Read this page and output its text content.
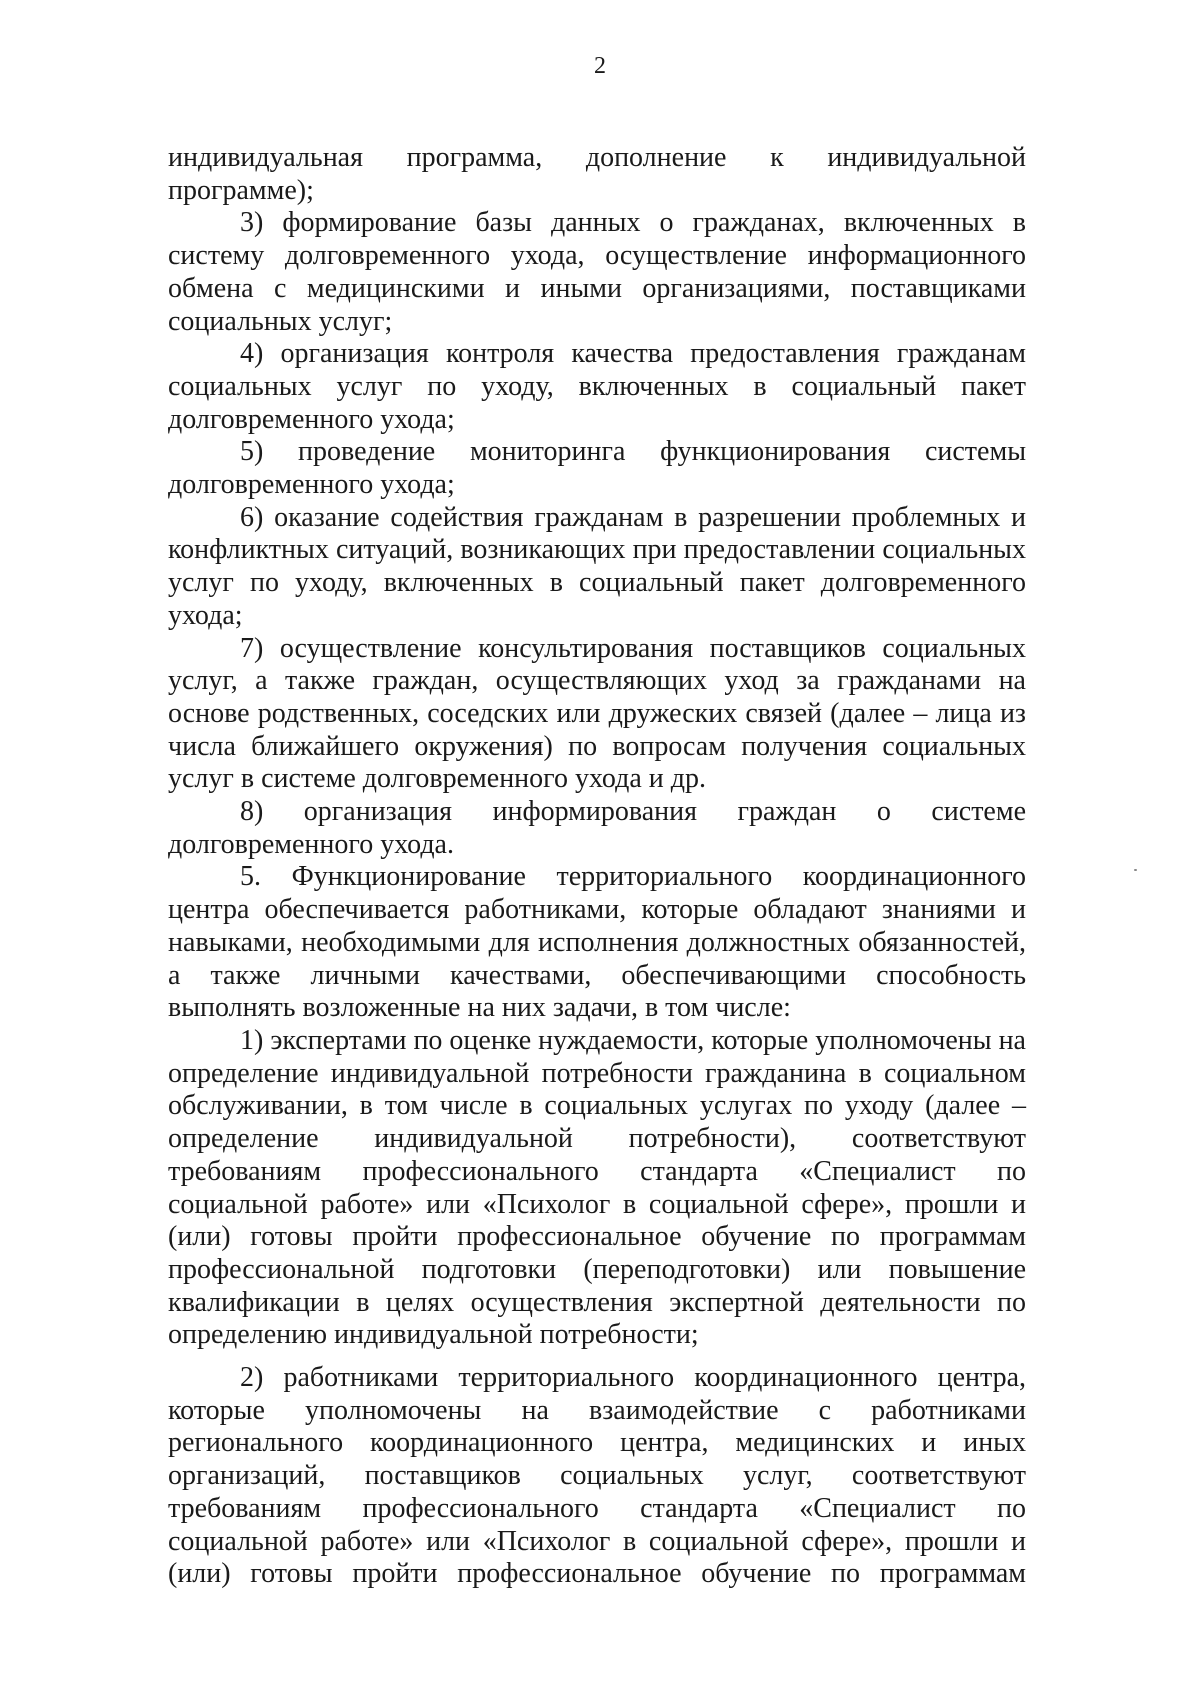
2

индивидуальная программа, дополнение к индивидуальной программе);

3) формирование базы данных о гражданах, включенных в систему долговременного ухода, осуществление информационного обмена с медицинскими и иными организациями, поставщиками социальных услуг;

4) организация контроля качества предоставления гражданам социальных услуг по уходу, включенных в социальный пакет долговременного ухода;

5) проведение мониторинга функционирования системы долговременного ухода;

6) оказание содействия гражданам в разрешении проблемных и конфликтных ситуаций, возникающих при предоставлении социальных услуг по уходу, включенных в социальный пакет долговременного ухода;

7) осуществление консультирования поставщиков социальных услуг, а также граждан, осуществляющих уход за гражданами на основе родственных, соседских или дружеских связей (далее – лица из числа ближайшего окружения) по вопросам получения социальных услуг в системе долговременного ухода и др.

8) организация информирования граждан о системе долговременного ухода.

5. Функционирование территориального координационного центра обеспечивается работниками, которые обладают знаниями и навыками, необходимыми для исполнения должностных обязанностей, а также личными качествами, обеспечивающими способность выполнять возложенные на них задачи, в том числе:

1) экспертами по оценке нуждаемости, которые уполномочены на определение индивидуальной потребности гражданина в социальном обслуживании, в том числе в социальных услугах по уходу (далее – определение индивидуальной потребности), соответствуют требованиям профессионального стандарта «Специалист по социальной работе» или «Психолог в социальной сфере», прошли и (или) готовы пройти профессиональное обучение по программам профессиональной подготовки (переподготовки) или повышение квалификации в целях осуществления экспертной деятельности по определению индивидуальной потребности;

2) работниками территориального координационного центра, которые уполномочены на взаимодействие с работниками регионального координационного центра, медицинских и иных организаций, поставщиков социальных услуг, соответствуют требованиям профессионального стандарта «Специалист по социальной работе» или «Психолог в социальной сфере», прошли и (или) готовы пройти профессиональное обучение по программам
